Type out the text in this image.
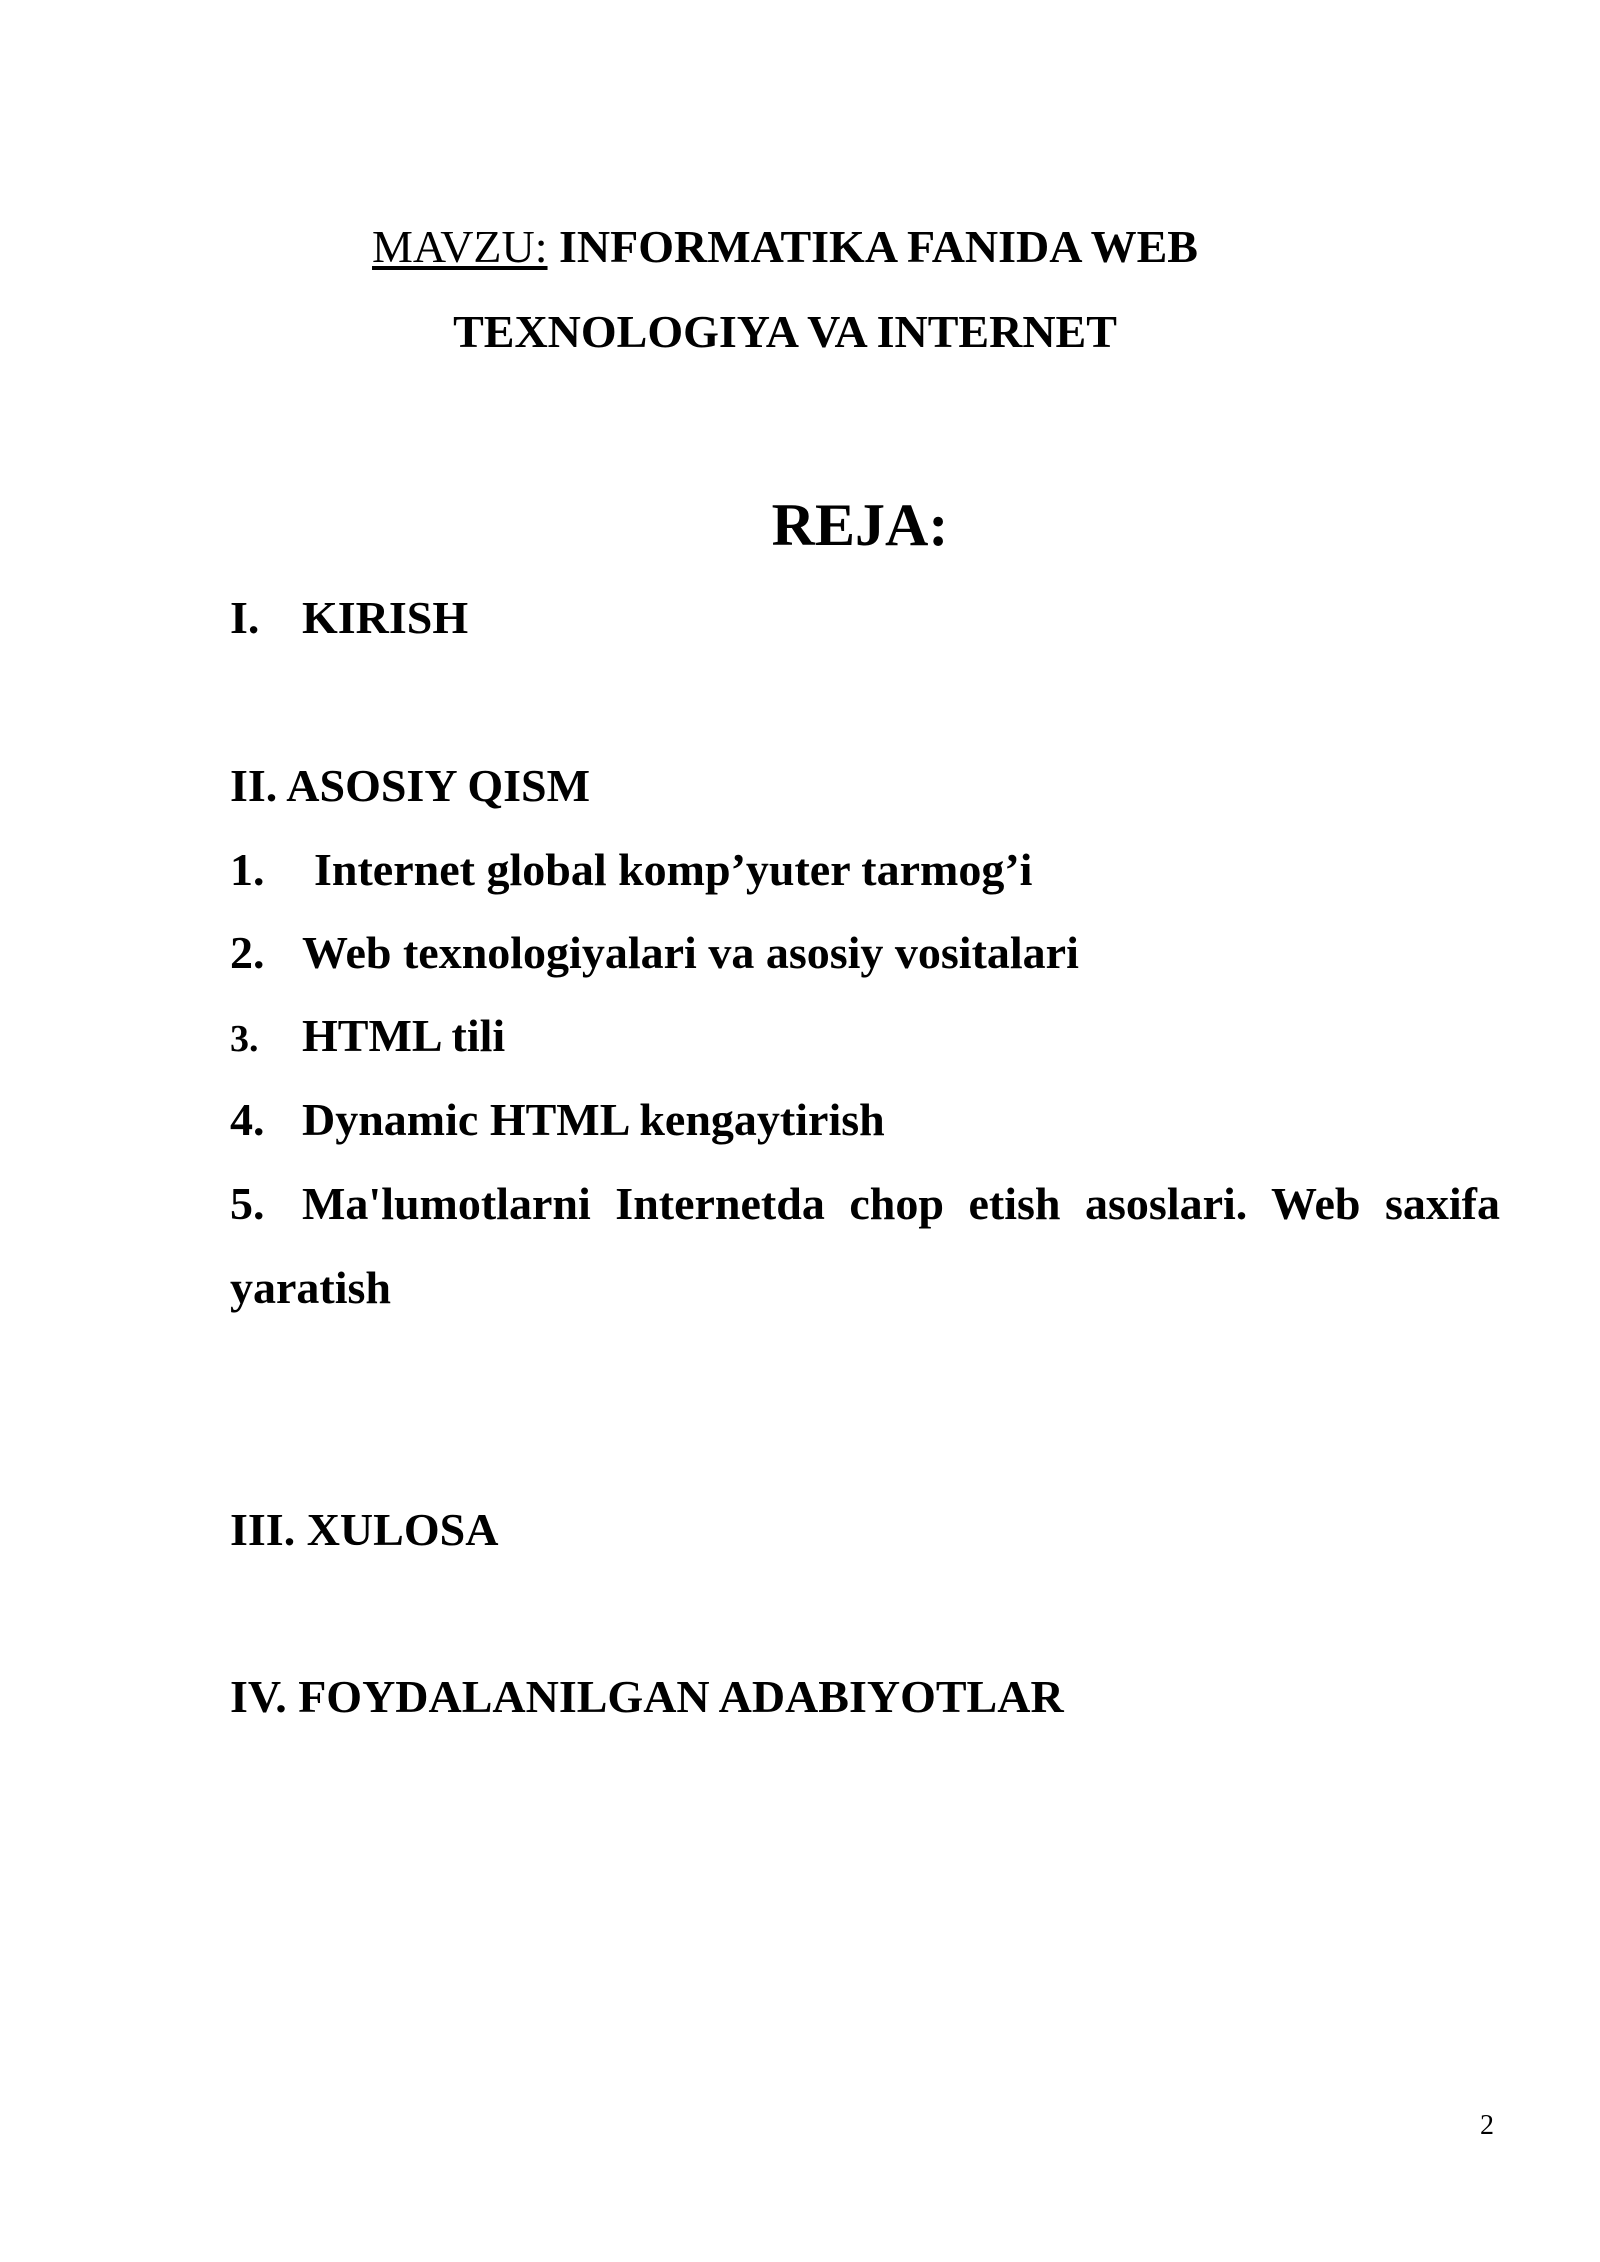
MAVZU: INFORMATIKA FANIDA WEB
TEXNOLOGIYA VA INTERNET
REJA:
I. KIRISH
II. ASOSIY QISM
1. Internet global komp’yuter tarmog’i
2. Web texnologiyalari va asosiy vositalari
3. HTML tili
4. Dynamic HTML kengaytirish
5. Ma'lumotlarni Internetda chop etish asoslari. Web saxifa yaratish
III. XULOSA
IV. FOYDALANILGAN ADABIYOTLAR
2
